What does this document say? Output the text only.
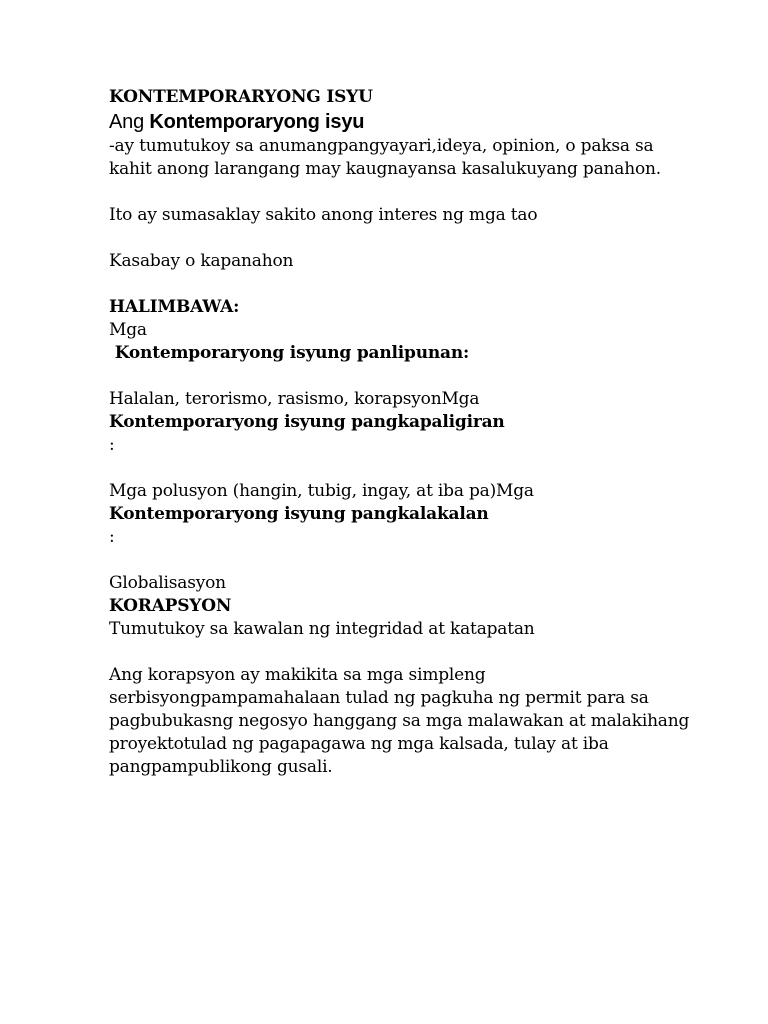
KONTEMPORARYONG ISYU
Ang Kontemporaryong isyu
-ay tumutukoy sa anumangpangyayari,ideya, opinion, o paksa sa
kahit anong larangang may kaugnayansa kasalukuyang panahon.
Ito ay sumasaklay sakito anong interes ng mga tao
Kasabay o kapanahon
HALIMBAWA:
Mga
Kontemporaryong isyung panlipunan:
Halalan, terorismo, rasismo, korapsyonMga
Kontemporaryong isyung pangkapaligiran
:
Mga polusyon (hangin, tubig, ingay, at iba pa)Mga
Kontemporaryong isyung pangkalakalan
:
Globalisasyon
KORAPSYON
Tumutukoy sa kawalan ng integridad at katapatan
Ang korapsyon ay makikita sa mga simpleng
serbisyongpampamahalaan tulad ng pagkuha ng permit para sa
pagbubukasng negosyo hanggang sa mga malawakan at malakihang
proyektotulad ng pagapagawa ng mga kalsada, tulay at iba
pangpampublikong gusali.
